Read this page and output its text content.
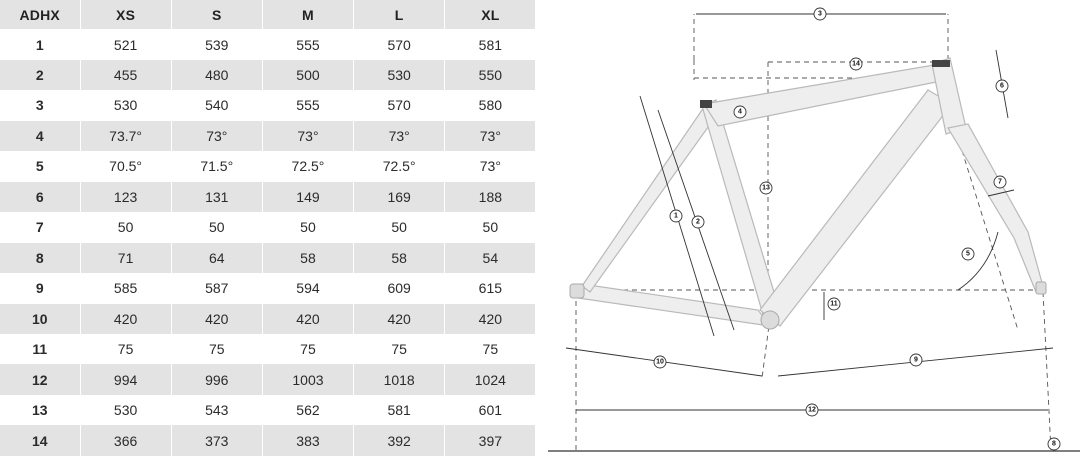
ADHX	XS	S	M	L	XL
1	521	539	555	570	581
2	455	480	500	530	550
3	530	540	555	570	580
4	73.7°	73°	73°	73°	73°
5	70.5°	71.5°	72.5°	72.5°	73°
6	123	131	149	169	188
7	50	50	50	50	50
8	71	64	58	58	54
9	585	587	594	609	615
10	420	420	420	420	420
11	75	75	75	75	75
12	994	996	1003	1018	1024
13	530	543	562	581	601
14	366	373	383	392	397
1
2
3
4
5
6
7
8
9
10
11
12
13
14
